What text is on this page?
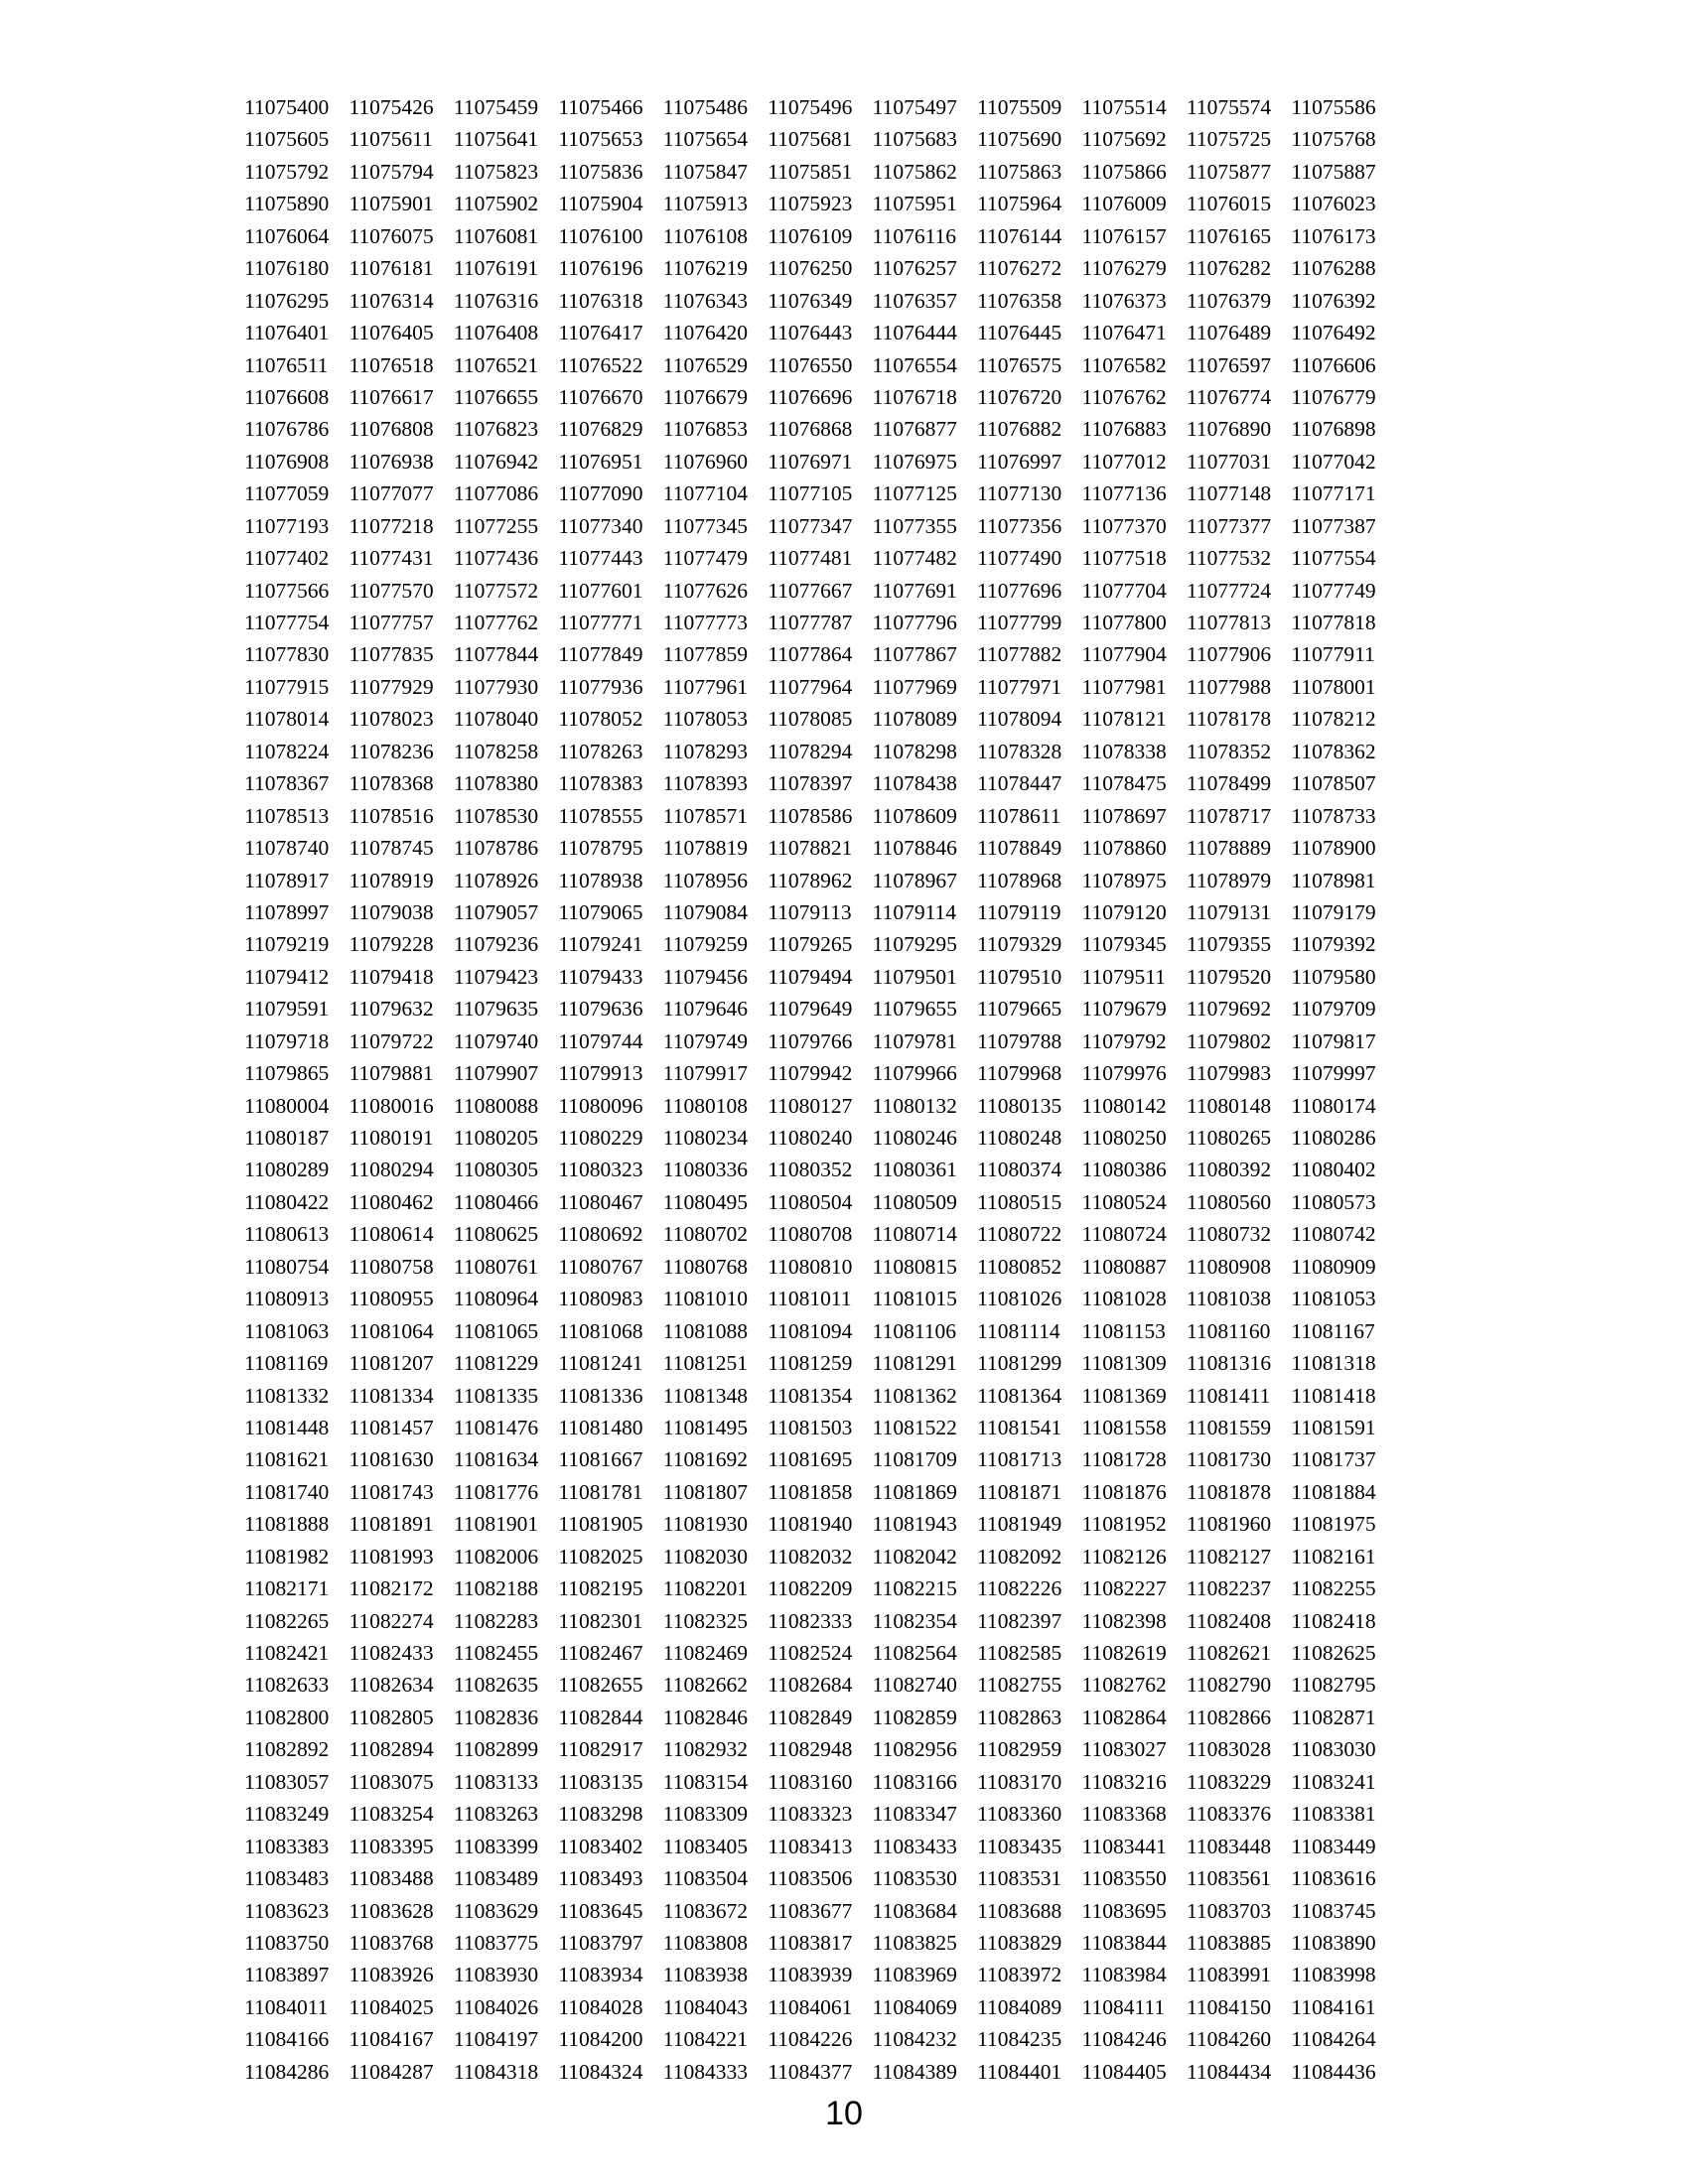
11075400 11075426 11075459 11075466 11075486 11075496 11075497 11075509 11075514 11075574 11075586
11075605 11075611 11075641 11075653 11075654 11075681 11075683 11075690 11075692 11075725 11075768
11075792 11075794 11075823 11075836 11075847 11075851 11075862 11075863 11075866 11075877 11075887
11075890 11075901 11075902 11075904 11075913 11075923 11075951 11075964 11076009 11076015 11076023
11076064 11076075 11076081 11076100 11076108 11076109 11076116 11076144 11076157 11076165 11076173
11076180 11076181 11076191 11076196 11076219 11076250 11076257 11076272 11076279 11076282 11076288
11076295 11076314 11076316 11076318 11076343 11076349 11076357 11076358 11076373 11076379 11076392
11076401 11076405 11076408 11076417 11076420 11076443 11076444 11076445 11076471 11076489 11076492
11076511 11076518 11076521 11076522 11076529 11076550 11076554 11076575 11076582 11076597 11076606
11076608 11076617 11076655 11076670 11076679 11076696 11076718 11076720 11076762 11076774 11076779
11076786 11076808 11076823 11076829 11076853 11076868 11076877 11076882 11076883 11076890 11076898
11076908 11076938 11076942 11076951 11076960 11076971 11076975 11076997 11077012 11077031 11077042
11077059 11077077 11077086 11077090 11077104 11077105 11077125 11077130 11077136 11077148 11077171
11077193 11077218 11077255 11077340 11077345 11077347 11077355 11077356 11077370 11077377 11077387
11077402 11077431 11077436 11077443 11077479 11077481 11077482 11077490 11077518 11077532 11077554
11077566 11077570 11077572 11077601 11077626 11077667 11077691 11077696 11077704 11077724 11077749
11077754 11077757 11077762 11077771 11077773 11077787 11077796 11077799 11077800 11077813 11077818
11077830 11077835 11077844 11077849 11077859 11077864 11077867 11077882 11077904 11077906 11077911
11077915 11077929 11077930 11077936 11077961 11077964 11077969 11077971 11077981 11077988 11078001
11078014 11078023 11078040 11078052 11078053 11078085 11078089 11078094 11078121 11078178 11078212
11078224 11078236 11078258 11078263 11078293 11078294 11078298 11078328 11078338 11078352 11078362
11078367 11078368 11078380 11078383 11078393 11078397 11078438 11078447 11078475 11078499 11078507
11078513 11078516 11078530 11078555 11078571 11078586 11078609 11078611 11078697 11078717 11078733
11078740 11078745 11078786 11078795 11078819 11078821 11078846 11078849 11078860 11078889 11078900
11078917 11078919 11078926 11078938 11078956 11078962 11078967 11078968 11078975 11078979 11078981
11078997 11079038 11079057 11079065 11079084 11079113 11079114 11079119 11079120 11079131 11079179
11079219 11079228 11079236 11079241 11079259 11079265 11079295 11079329 11079345 11079355 11079392
11079412 11079418 11079423 11079433 11079456 11079494 11079501 11079510 11079511 11079520 11079580
11079591 11079632 11079635 11079636 11079646 11079649 11079655 11079665 11079679 11079692 11079709
11079718 11079722 11079740 11079744 11079749 11079766 11079781 11079788 11079792 11079802 11079817
11079865 11079881 11079907 11079913 11079917 11079942 11079966 11079968 11079976 11079983 11079997
11080004 11080016 11080088 11080096 11080108 11080127 11080132 11080135 11080142 11080148 11080174
11080187 11080191 11080205 11080229 11080234 11080240 11080246 11080248 11080250 11080265 11080286
11080289 11080294 11080305 11080323 11080336 11080352 11080361 11080374 11080386 11080392 11080402
11080422 11080462 11080466 11080467 11080495 11080504 11080509 11080515 11080524 11080560 11080573
11080613 11080614 11080625 11080692 11080702 11080708 11080714 11080722 11080724 11080732 11080742
11080754 11080758 11080761 11080767 11080768 11080810 11080815 11080852 11080887 11080908 11080909
11080913 11080955 11080964 11080983 11081010 11081011 11081015 11081026 11081028 11081038 11081053
11081063 11081064 11081065 11081068 11081088 11081094 11081106 11081114	11081153 11081160 11081167
11081169 11081207 11081229 11081241 11081251 11081259 11081291 11081299 11081309 11081316 11081318
11081332 11081334 11081335 11081336 11081348 11081354 11081362 11081364 11081369 11081411 11081418
11081448 11081457 11081476 11081480 11081495 11081503 11081522 11081541 11081558 11081559 11081591
11081621 11081630 11081634 11081667 11081692 11081695 11081709 11081713 11081728 11081730 11081737
11081740 11081743 11081776 11081781 11081807 11081858 11081869 11081871 11081876 11081878 11081884
11081888 11081891 11081901 11081905 11081930 11081940 11081943 11081949 11081952 11081960 11081975
11081982 11081993 11082006 11082025 11082030 11082032 11082042 11082092 11082126 11082127 11082161
11082171 11082172 11082188 11082195 11082201 11082209 11082215 11082226 11082227 11082237 11082255
11082265 11082274 11082283 11082301 11082325 11082333 11082354 11082397 11082398 11082408 11082418
11082421 11082433 11082455 11082467 11082469 11082524 11082564 11082585 11082619 11082621 11082625
11082633 11082634 11082635 11082655 11082662 11082684 11082740 11082755 11082762 11082790 11082795
11082800 11082805 11082836 11082844 11082846 11082849 11082859 11082863 11082864 11082866 11082871
11082892 11082894 11082899 11082917 11082932 11082948 11082956 11082959 11083027 11083028 11083030
11083057 11083075 11083133 11083135 11083154 11083160 11083166 11083170 11083216 11083229 11083241
11083249 11083254 11083263 11083298 11083309 11083323 11083347 11083360 11083368 11083376 11083381
11083383 11083395 11083399 11083402 11083405 11083413 11083433 11083435 11083441 11083448 11083449
11083483 11083488 11083489 11083493 11083504 11083506 11083530 11083531 11083550 11083561 11083616
11083623 11083628 11083629 11083645 11083672 11083677 11083684 11083688 11083695 11083703 11083745
11083750 11083768 11083775 11083797 11083808 11083817 11083825 11083829 11083844 11083885 11083890
11083897 11083926 11083930 11083934 11083938 11083939 11083969 11083972 11083984 11083991 11083998
11084011 11084025 11084026 11084028 11084043 11084061 11084069 11084089 11084111	11084150 11084161
11084166 11084167 11084197 11084200 11084221 11084226 11084232 11084235 11084246 11084260 11084264
11084286 11084287 11084318 11084324 11084333 11084377 11084389 11084401 11084405 11084434 11084436
10
